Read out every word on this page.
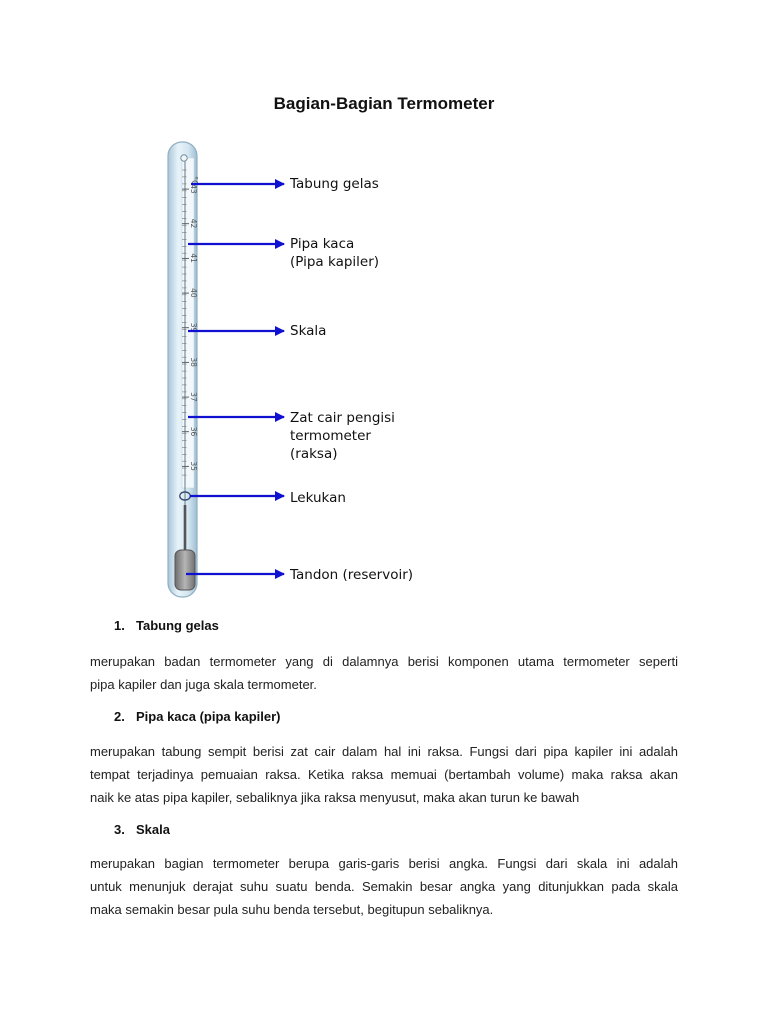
Bagian-Bagian Termometer
43
42
41
40
39
38
37
36
35
°C	Tabung gelas
Pipa kaca
(Pipa kapiler)
Skala
Zat cair pengisi
termometer
(raksa)
Lekukan
Tandon (reservoir)
1. Tabung gelas
merupakan badan termometer yang di dalamnya berisi komponen utama termometer seperti
pipa kapiler dan juga skala termometer.
2. Pipa kaca (pipa kapiler)
merupakan tabung sempit berisi zat cair dalam hal ini raksa. Fungsi dari pipa kapiler ini adalah
tempat terjadinya pemuaian raksa. Ketika raksa memuai (bertambah volume) maka raksa akan
naik ke atas pipa kapiler, sebaliknya jika raksa menyusut, maka akan turun ke bawah
3. Skala
merupakan bagian termometer berupa garis-garis berisi angka. Fungsi dari skala ini adalah
untuk menunjuk derajat suhu suatu benda. Semakin besar angka yang ditunjukkan pada skala
maka semakin besar pula suhu benda tersebut, begitupun sebaliknya.
